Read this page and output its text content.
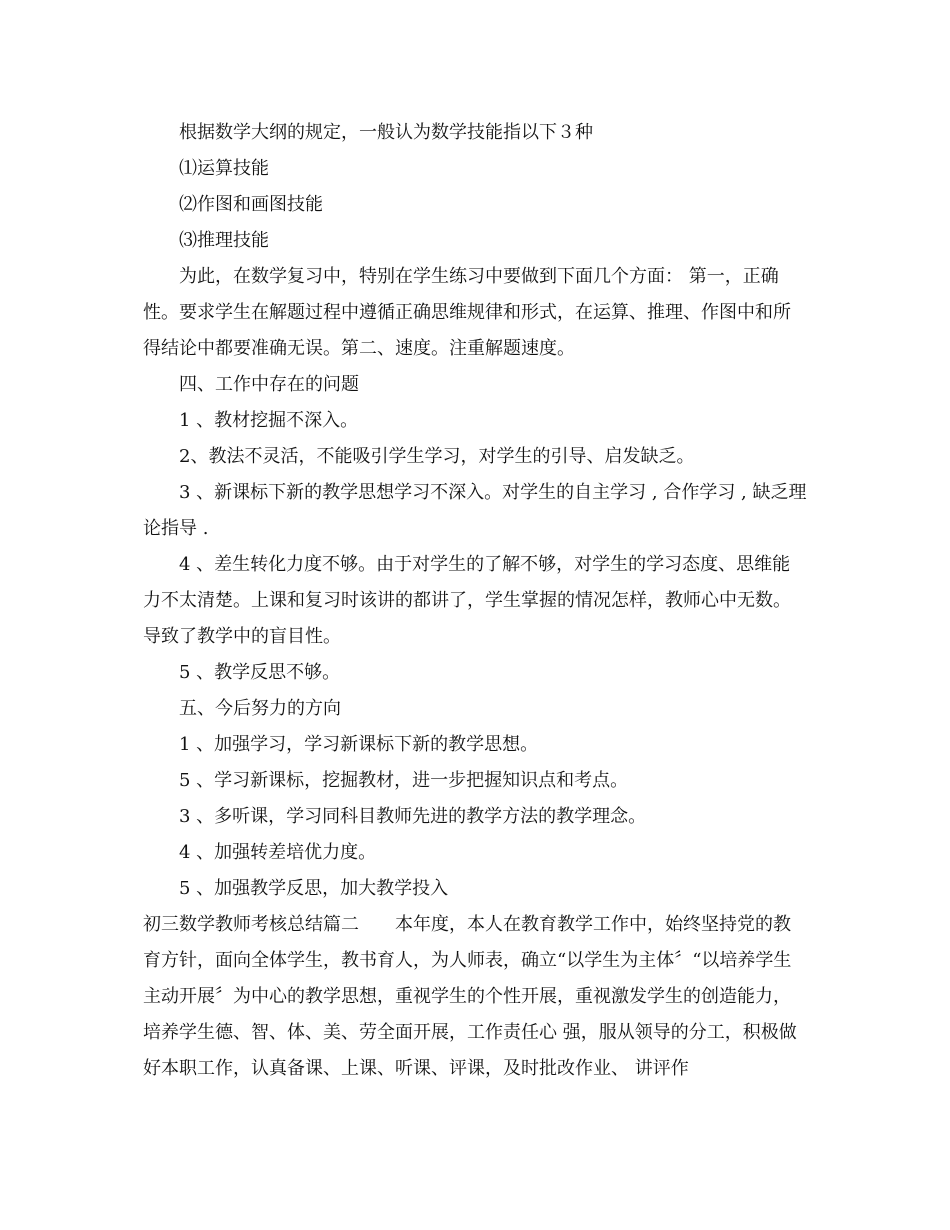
根据数学大纲的规定，一般认为数学技能指以下３种

⑴运算技能

⑵作图和画图技能

⑶推理技能

为此，在数学复习中，特别在学生练习中要做到下面几个方面： 第一，正确性。要求学生在解题过程中遵循正确思维规律和形式，在运算、推理、作图中和所得结论中都要准确无误。第二、速度。注重解题速度。

四、工作中存在的问题

1 、教材挖掘不深入。

2、教法不灵活，不能吸引学生学习，对学生的引导、启发缺乏。

3 、新课标下新的教学思想学习不深入。对学生的自主学习 , 合作学习 , 缺乏理论指导 .

4 、差生转化力度不够。由于对学生的了解不够，对学生的学习态度、思维能力不太清楚。上课和复习时该讲的都讲了，学生掌握的情况怎样，教师心中无数。导致了教学中的盲目性。

5 、教学反思不够。

五、今后努力的方向

1 、加强学习，学习新课标下新的教学思想。

5 、学习新课标，挖掘教材，进一步把握知识点和考点。

3 、多听课，学习同科目教师先进的教学方法的教学理念。

4 、加强转差培优力度。

5 、加强教学反思，加大教学投入

初三数学教师考核总结篇二　　本年度，本人在教育教学工作中，始终坚持党的教育方针，面向全体学生，教书育人，为人师表，确立“以学生为主体〞“以培养学生主动开展〞为中心的教学思想，重视学生的个性开展，重视激发学生的创造能力，培养学生德、智、体、美、劳全面开展，工作责任心 强，服从领导的分工，积极做好本职工作，认真备课、上课、听课、评课，及时批改作业、 讲评作
